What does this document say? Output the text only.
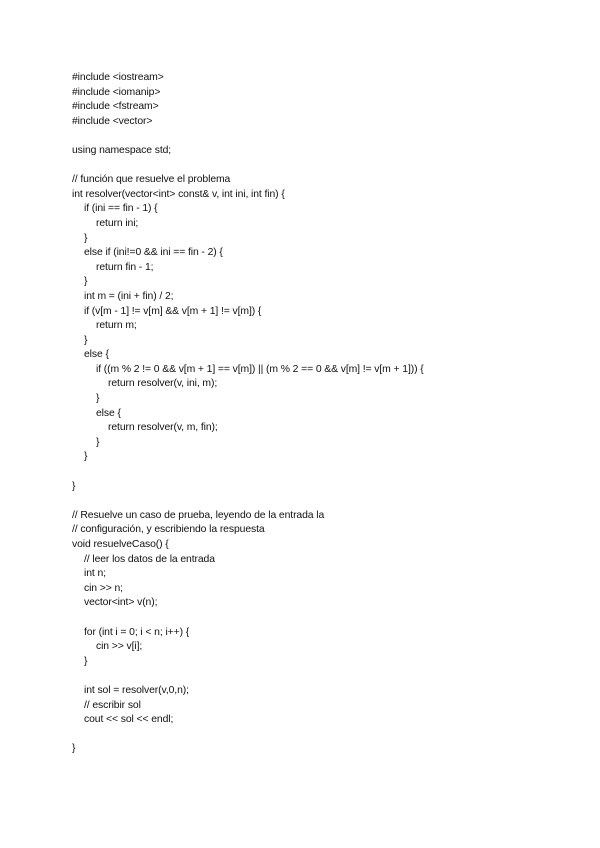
#include <iostream>
#include <iomanip>
#include <fstream>
#include <vector>
using namespace std;
// función que resuelve el problema
int resolver(vector<int> const& v, int ini, int fin) {
if (ini == fin - 1) {
return ini;
}
else if (ini!=0 && ini == fin - 2) {
return fin - 1;
}
int m = (ini + fin) / 2;
if (v[m - 1] != v[m] && v[m + 1] != v[m]) {
return m;
}
else {
if ((m % 2 != 0 && v[m + 1] == v[m]) || (m % 2 == 0 && v[m] != v[m + 1])) {
return resolver(v, ini, m);
}
else {
return resolver(v, m, fin);
}
}
}
// Resuelve un caso de prueba, leyendo de la entrada la
// configuración, y escribiendo la respuesta
void resuelveCaso() {
// leer los datos de la entrada
int n;
cin >> n;
vector<int> v(n);
for (int i = 0; i < n; i++) {
cin >> v[i];
}
int sol = resolver(v,0,n);
// escribir sol
cout << sol << endl;
}
